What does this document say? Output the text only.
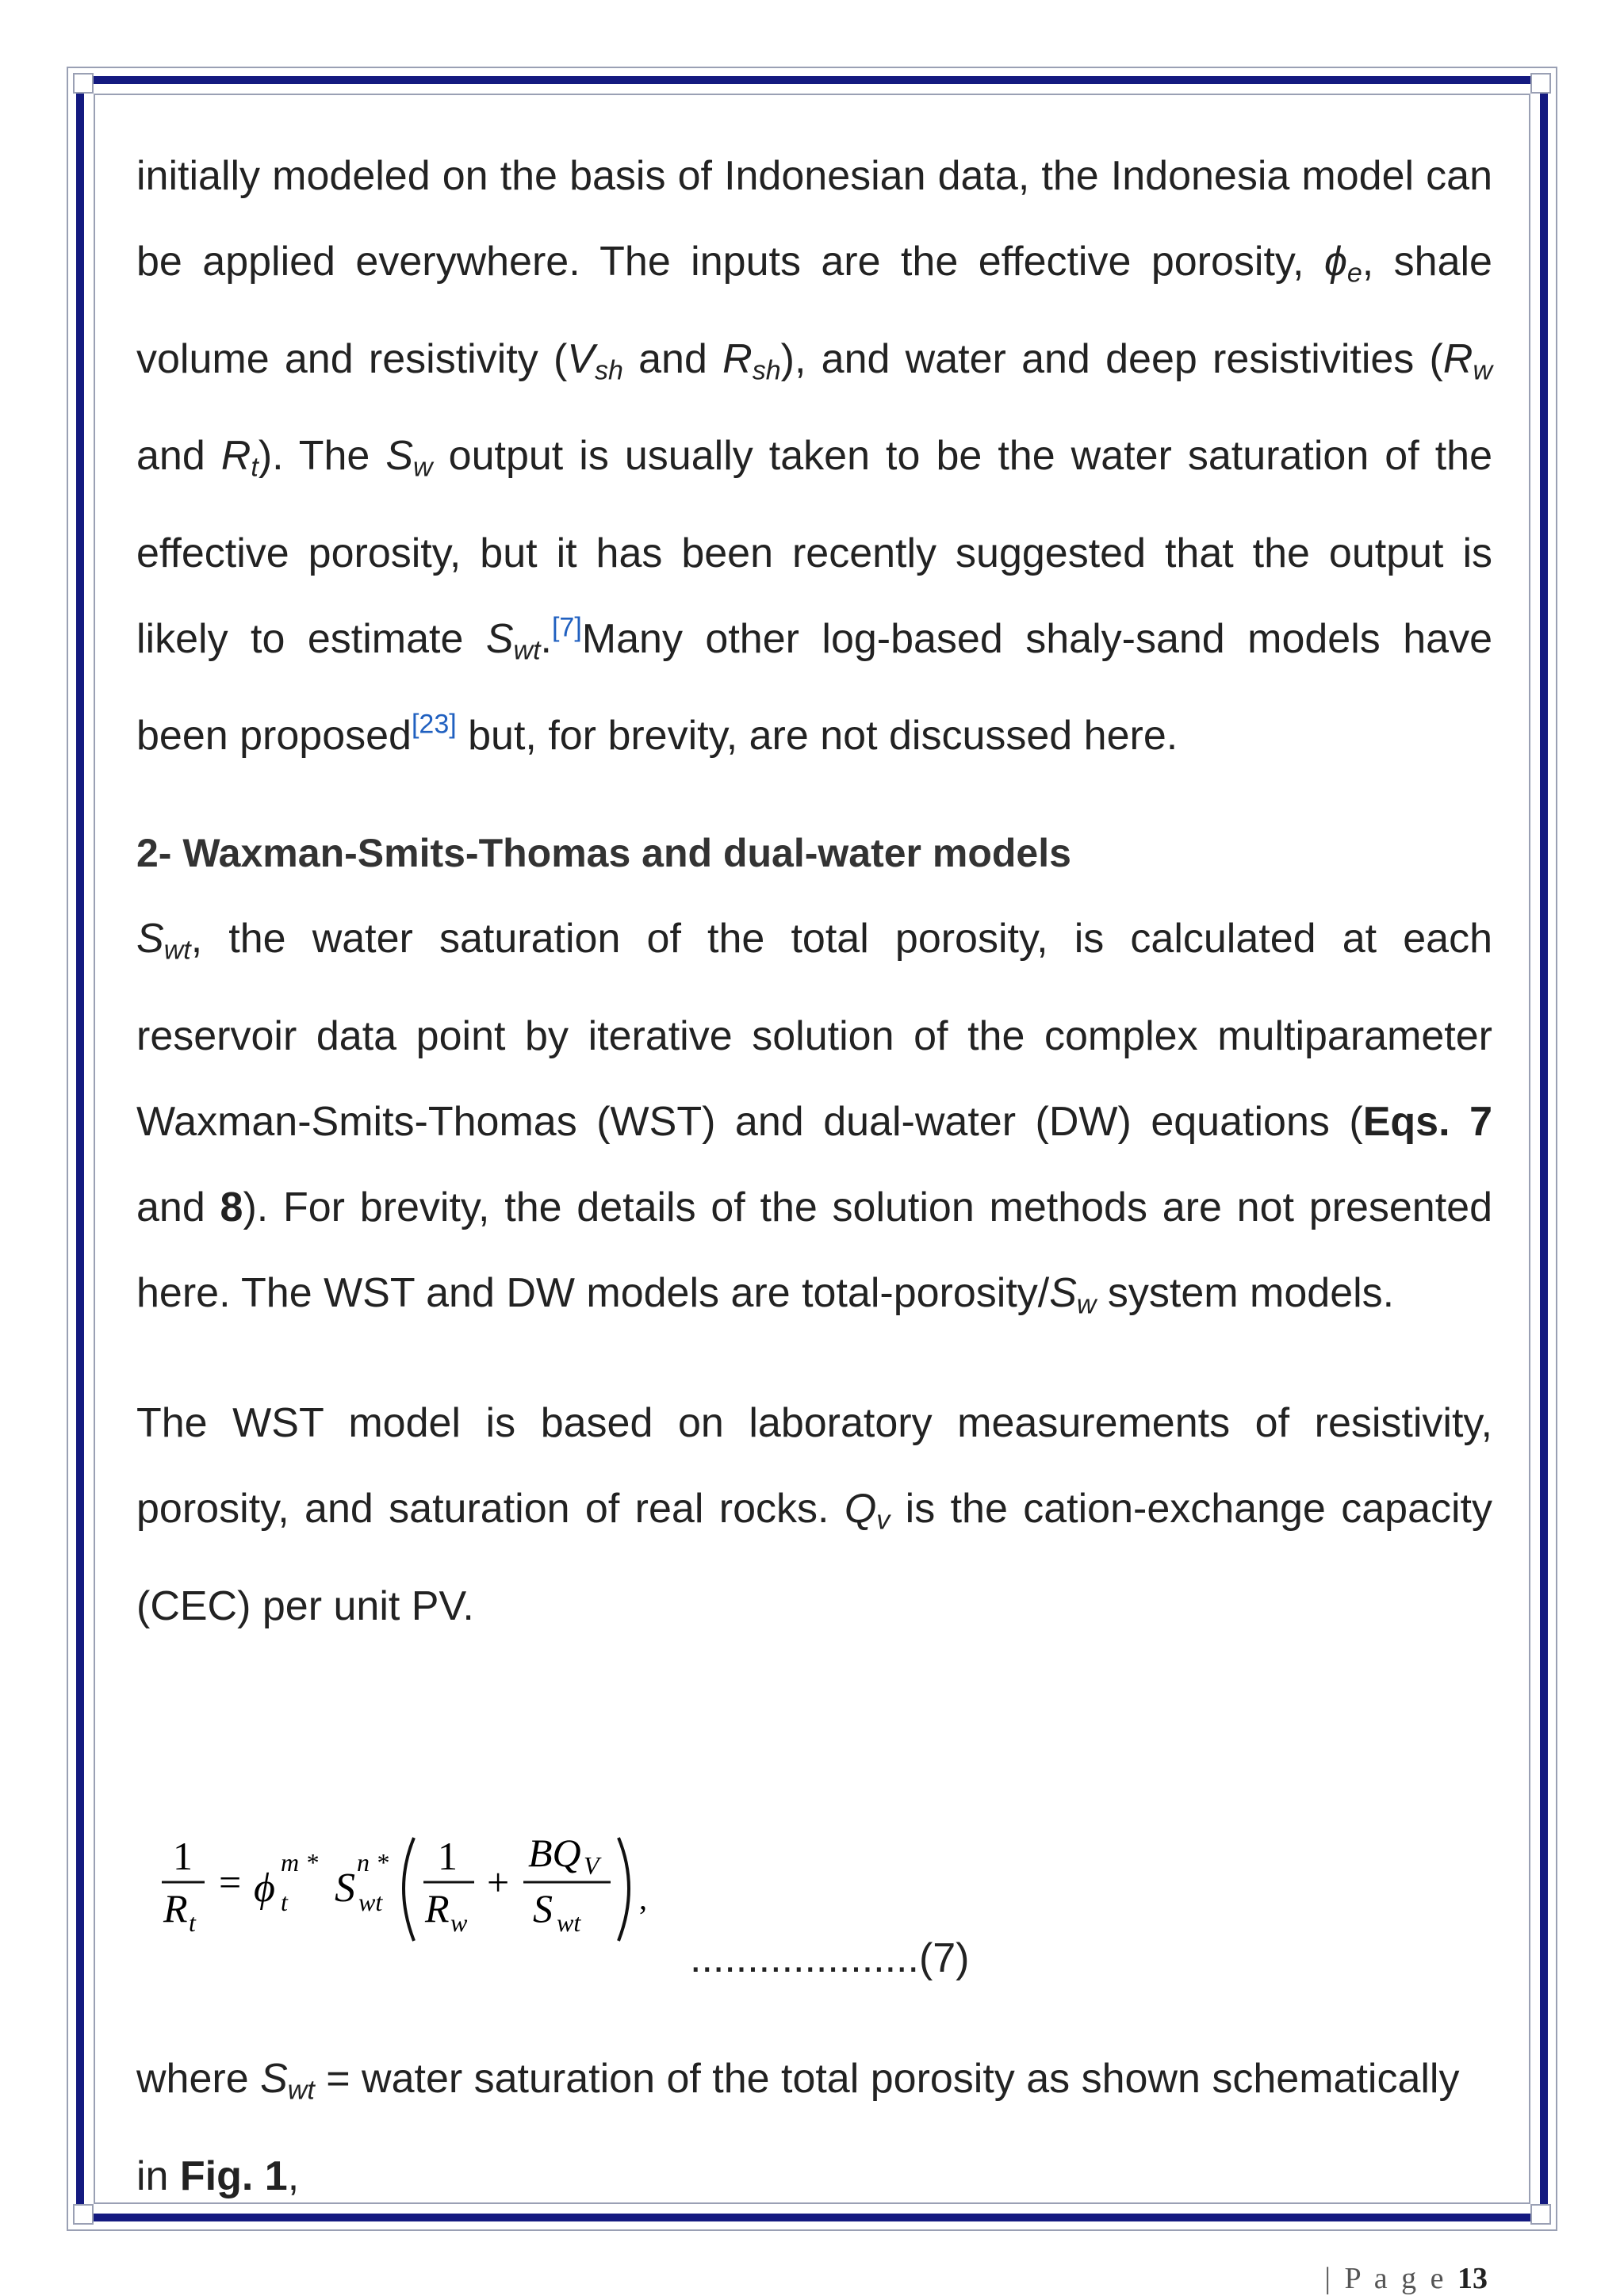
initially modeled on the basis of Indonesian data, the Indonesia model can be applied everywhere. The inputs are the effective porosity, $\phi_e$, shale volume and resistivity ($V_{sh}$ and $R_{sh}$), and water and deep resistivities ($R_w$ and $R_t$). The $S_w$ output is usually taken to be the water saturation of the effective porosity, but it has been recently suggested that the output is likely to estimate $S_{wt}.[7]Many$ other log-based shaly-sand models have been proposed[23] but, for brevity, are not discussed here.

2- Waxman-Smits-Thomas and dual-water models

$S_{wt}$, the water saturation of the total porosity, is calculated at each reservoir data point by iterative solution of the complex multiparameter Waxman-Smits-Thomas (WST) and dual-water (DW) equations (Eqs. 7 and 8). For brevity, the details of the solution methods are not presented here. The WST and DW models are total-$porosity/S_w$ system models.

The WST model is based on laboratory measurements of resistivity, porosity, and saturation of real rocks. $Q_v$ is the cation-exchange capacity (CEC) per unit PV.

1
R t
= ϕ
m *
t S
n *
wt
1
R w
+
BQ V
S wt
,
....................(7)
where $S_{wt}$ = water saturation of the total porosity as shown schematically in Fig. 1,
| P a g e 13
